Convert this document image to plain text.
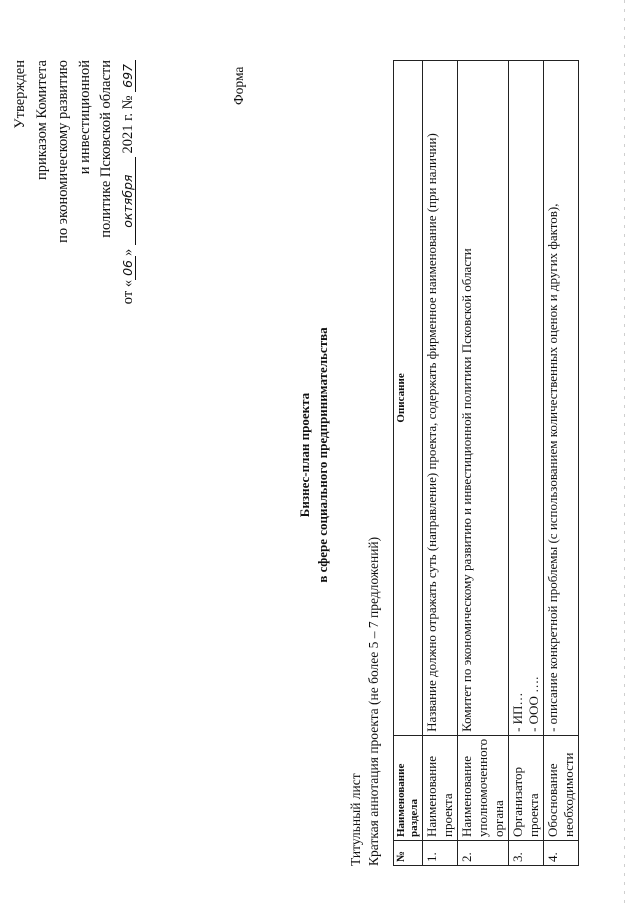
Утвержден приказом Комитета по экономическому развитию и инвестиционной политике Псковской области
от «06» октября 2021 г. № 697	Форма
Бизнес-план проекта в сфере социального предпринимательства
Титульный лист Краткая аннотация проекта (не более 5 – 7 предложений) №	Наименование раздела	Описание
1.	Наименование проекта	Название должно отражать суть (направление) проекта, содержать фирменное наименование (при наличии)
2.	Наименование уполномоченного органа	Комитет по экономическому развитию и инвестиционной политики Псковской области
3.	Организатор проекта	- ИП… - ООО ….

4.	Обоснование необходимости	- описание конкретной проблемы (с использованием количественных оценок и других фактов),
